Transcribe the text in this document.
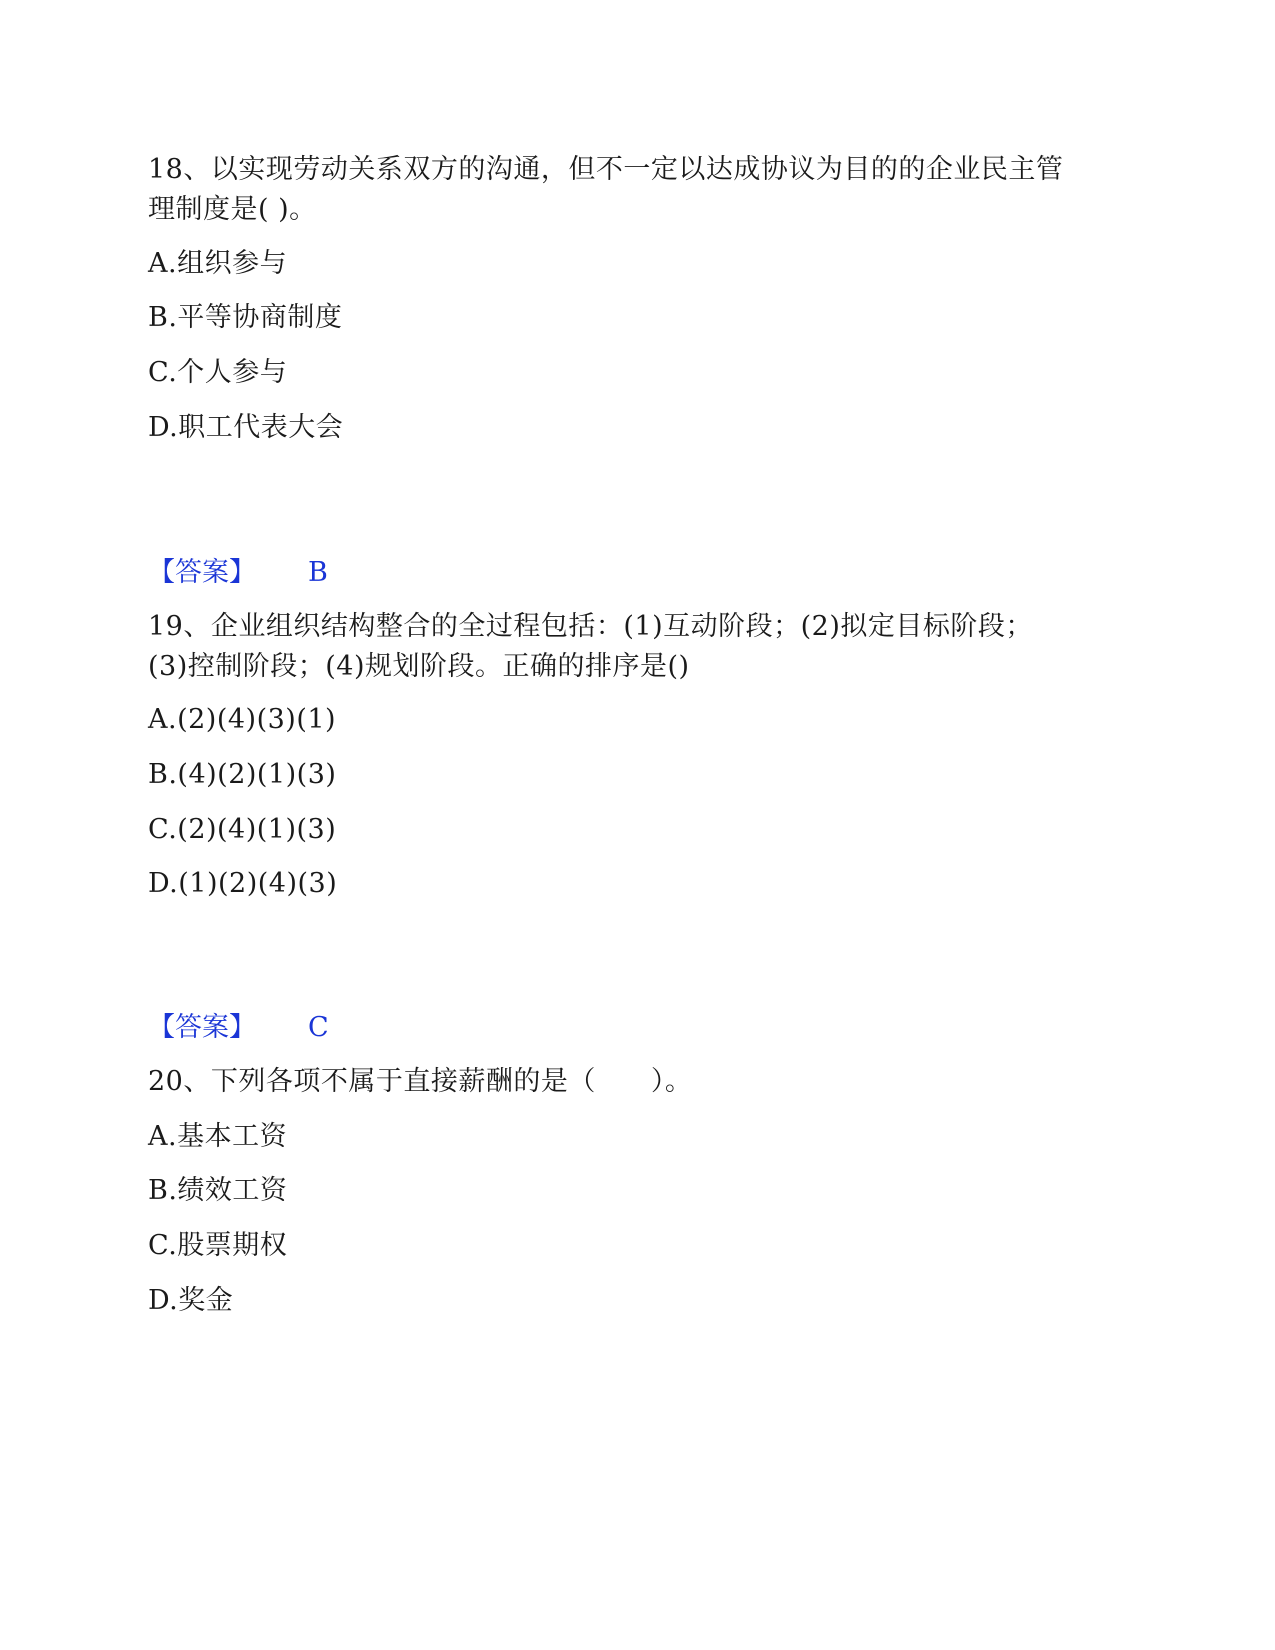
18、以实现劳动关系双方的沟通，但不一定以达成协议为目的的企业民主管
理制度是( )。
A.组织参与
B.平等协商制度
C.个人参与
D.职工代表大会
【答案】 B
19、企业组织结构整合的全过程包括：(1)互动阶段；(2)拟定目标阶段；
(3)控制阶段；(4)规划阶段。正确的排序是()
A.(2)(4)(3)(1)
B.(4)(2)(1)(3)
C.(2)(4)(1)(3)
D.(1)(2)(4)(3)
【答案】 C
20、下列各项不属于直接薪酬的是（　　）。
A.基本工资
B.绩效工资
C.股票期权
D.奖金
